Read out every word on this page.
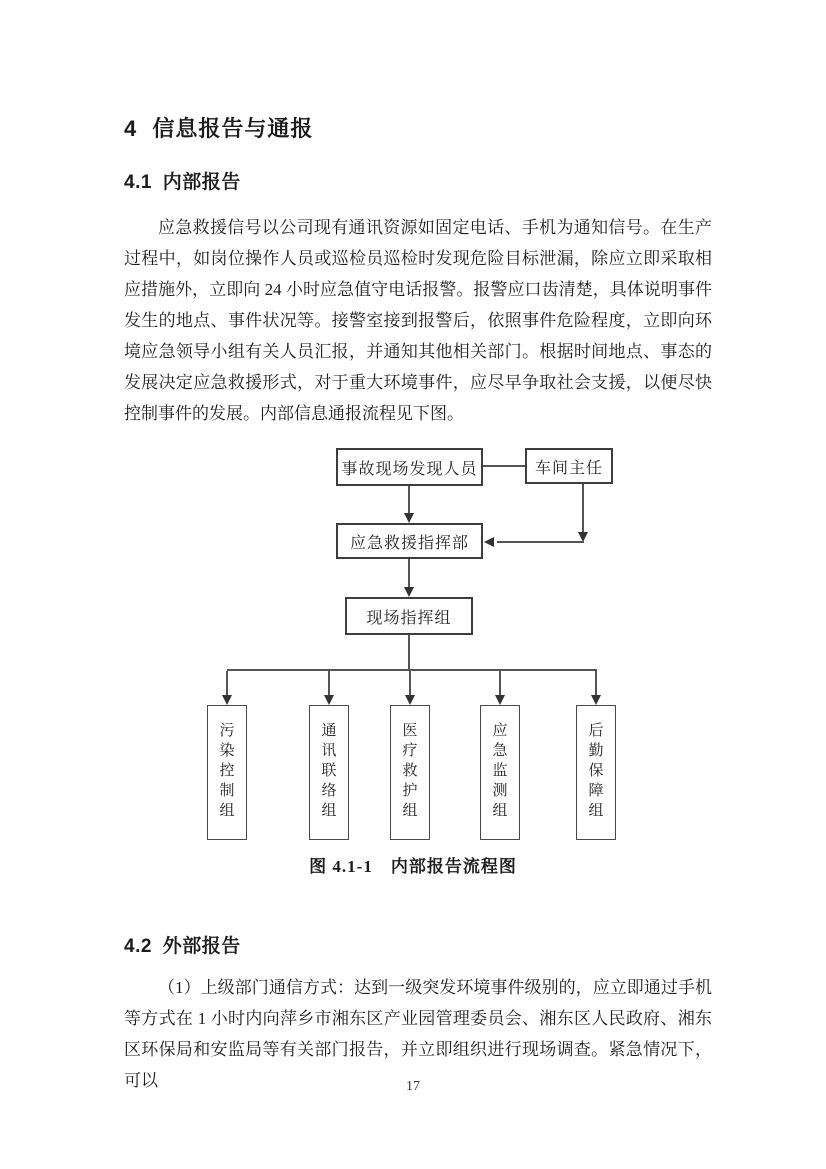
4 信息报告与通报
4.1 内部报告

应急救援信号以公司现有通讯资源如固定电话、手机为通知信号。在生产过程中，如岗位操作人员或巡检员巡检时发现危险目标泄漏，除应立即采取相应措施外，立即向 24 小时应急值守电话报警。报警应口齿清楚，具体说明事件发生的地点、事件状况等。接警室接到报警后，依照事件危险程度，立即向环境应急领导小组有关人员汇报，并通知其他相关部门。根据时间地点、事态的发展决定应急救援形式，对于重大环境事件，应尽早争取社会支援，以便尽快控制事件的发展。内部信息通报流程见下图。

事故现场发现人员	车间主任
应急救援指挥部
现场指挥组
污
染
控
制
组
通
讯
联
络
组
医
疗
救
护
组
应
急
监
测
组
后
勤
保
障
组
图 4.1-1　内部报告流程图
4.2 外部报告

（1）上级部门通信方式：达到一级突发环境事件级别的，应立即通过手机等方式在 1 小时内向萍乡市湘东区产业园管理委员会、湘东区人民政府、湘东区环保局和安监局等有关部门报告，并立即组织进行现场调查。紧急情况下，可以	17
